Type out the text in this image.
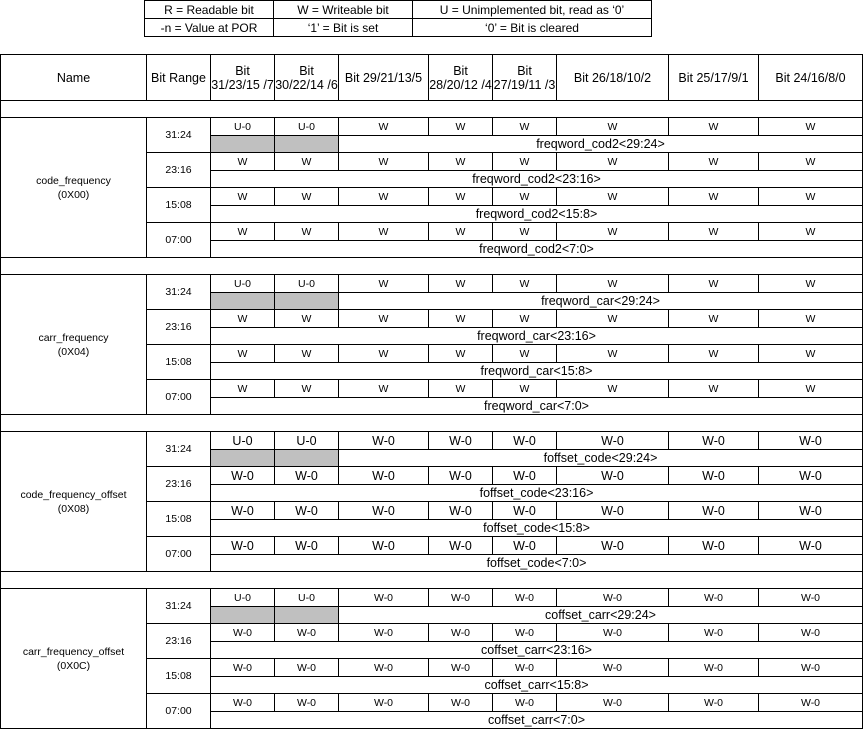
R = Readable bit	W = Writeable bit	U = Unimplemented bit, read as ‘0’
-n = Value at POR	‘1’ = Bit is set	‘0’ = Bit is cleared
Name	Bit Range	Bit 31/23/15 /7	Bit 30/22/14 /6	Bit 29/21/13/5	Bit 28/20/12 /4	Bit 27/19/11 /3	Bit 26/18/10/2	Bit 25/17/9/1	Bit 24/16/8/0

code_frequency
(0X00)	31:24	U-0	U-0	W	W	W	W	W	W
				freqword_cod2<29:24>					
	23:16	W	W	W	W	W	W	W	W
		freqword_cod2<23:16>							
	15:08	W	W	W	W	W	W	W	W
		freqword_cod2<15:8>							
	07:00	W	W	W	W	W	W	W	W
		freqword_cod2<7:0>							

carr_frequency
(0X04)	31:24	U-0	U-0	W	W	W	W	W	W
				freqword_car<29:24>					
	23:16	W	W	W	W	W	W	W	W
		freqword_car<23:16>							
	15:08	W	W	W	W	W	W	W	W
		freqword_car<15:8>							
	07:00	W	W	W	W	W	W	W	W
		freqword_car<7:0>							

code_frequency_offset
(0X08)	31:24	U-0	U-0	W-0	W-0	W-0	W-0	W-0	W-0
				foffset_code<29:24>					
	23:16	W-0	W-0	W-0	W-0	W-0	W-0	W-0	W-0
		foffset_code<23:16>							
	15:08	W-0	W-0	W-0	W-0	W-0	W-0	W-0	W-0
		foffset_code<15:8>							
	07:00	W-0	W-0	W-0	W-0	W-0	W-0	W-0	W-0
		foffset_code<7:0>							

carr_frequency_offset
(0X0C)	31:24	U-0	U-0	W-0	W-0	W-0	W-0	W-0	W-0
				coffset_carr<29:24>					
	23:16	W-0	W-0	W-0	W-0	W-0	W-0	W-0	W-0
		coffset_carr<23:16>							
	15:08	W-0	W-0	W-0	W-0	W-0	W-0	W-0	W-0
		coffset_carr<15:8>							
	07:00	W-0	W-0	W-0	W-0	W-0	W-0	W-0	W-0
		coffset_carr<7:0>							
